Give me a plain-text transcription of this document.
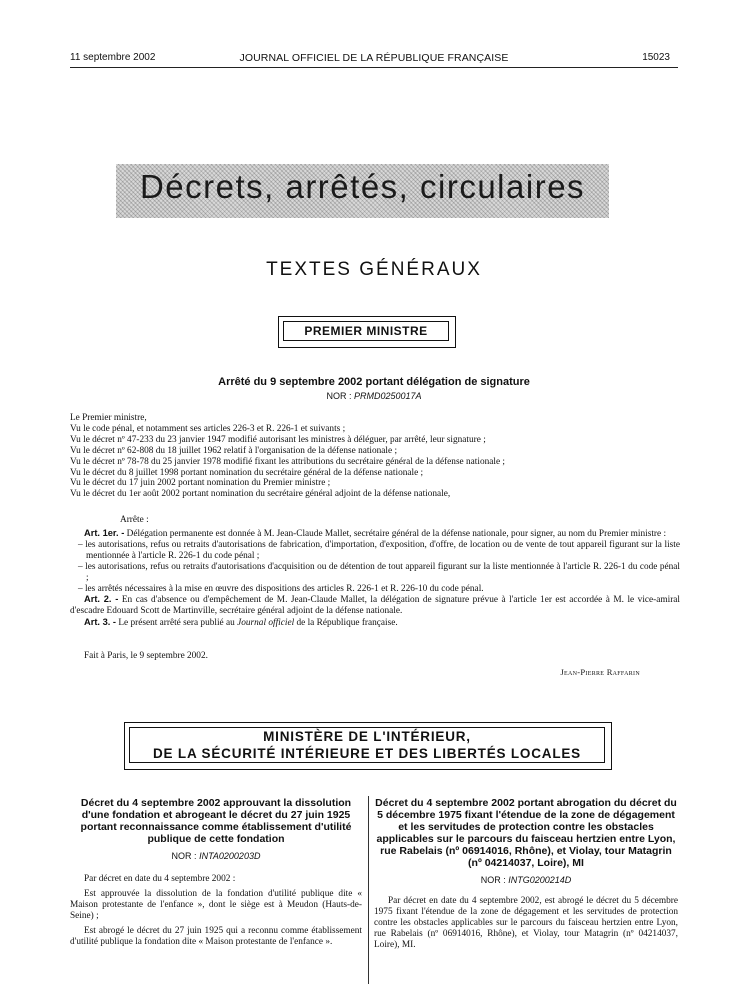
11 septembre 2002	JOURNAL OFFICIEL DE LA RÉPUBLIQUE FRANÇAISE	15023
Décrets, arrêtés, circulaires
TEXTES GÉNÉRAUX
PREMIER MINISTRE
Arrêté du 9 septembre 2002 portant délégation de signature
NOR : PRMD0250017A
Le Premier ministre,
Vu le code pénal, et notamment ses articles 226-3 et R. 226-1 et suivants ;
Vu le décret nº 47-233 du 23 janvier 1947 modifié autorisant les ministres à déléguer, par arrêté, leur signature ;
Vu le décret nº 62-808 du 18 juillet 1962 relatif à l'organisation de la défense nationale ;
Vu le décret nº 78-78 du 25 janvier 1978 modifié fixant les attributions du secrétaire général de la défense nationale ;
Vu le décret du 8 juillet 1998 portant nomination du secrétaire général de la défense nationale ;
Vu le décret du 17 juin 2002 portant nomination du Premier ministre ;
Vu le décret du 1er août 2002 portant nomination du secrétaire général adjoint de la défense nationale,
Arrête :

Art. 1er. - Délégation permanente est donnée à M. Jean-Claude Mallet, secrétaire général de la défense nationale, pour signer, au nom du Premier ministre :

– les autorisations, refus ou retraits d'autorisations de fabrication, d'importation, d'exposition, d'offre, de location ou de vente de tout appareil figurant sur la liste mentionnée à l'article R. 226-1 du code pénal ;
– les autorisations, refus ou retraits d'autorisations d'acquisition ou de détention de tout appareil figurant sur la liste mentionnée à l'article R. 226-1 du code pénal ;
– les arrêtés nécessaires à la mise en œuvre des dispositions des articles R. 226-1 et R. 226-10 du code pénal.

Art. 2. - En cas d'absence ou d'empêchement de M. Jean-Claude Mallet, la délégation de signature prévue à l'article 1er est accordée à M. le vice-amiral d'escadre Edouard Scott de Martinville, secrétaire général adjoint de la défense nationale.

Art. 3. - Le présent arrêté sera publié au Journal officiel de la République française.

Fait à Paris, le 9 septembre 2002.
Jean-Pierre Raffarin
MINISTÈRE DE L'INTÉRIEUR,
DE LA SÉCURITÉ INTÉRIEURE ET DES LIBERTÉS LOCALES
Décret du 4 septembre 2002 approuvant la dissolution d'une fondation et abrogeant le décret du 27 juin 1925 portant reconnaissance comme établissement d'utilité publique de cette fondation
NOR : INTA0200203D

Par décret en date du 4 septembre 2002 :

Est approuvée la dissolution de la fondation d'utilité publique dite « Maison protestante de l'enfance », dont le siège est à Meudon (Hauts-de-Seine) ;

Est abrogé le décret du 27 juin 1925 qui a reconnu comme établissement d'utilité publique la fondation dite « Maison protestante de l'enfance ».

Décret du 4 septembre 2002 portant abrogation du décret du 5 décembre 1975 fixant l'étendue de la zone de dégagement et les servitudes de protection contre les obstacles applicables sur le parcours du faisceau hertzien entre Lyon, rue Rabelais (nº 06914016, Rhône), et Violay, tour Matagrin (nº 04214037, Loire), MI
NOR : INTG0200214D

Par décret en date du 4 septembre 2002, est abrogé le décret du 5 décembre 1975 fixant l'étendue de la zone de dégagement et les servitudes de protection contre les obstacles applicables sur le parcours du faisceau hertzien entre Lyon, rue Rabelais (nº 06914016, Rhône), et Violay, tour Matagrin (nº 04214037, Loire), MI.
